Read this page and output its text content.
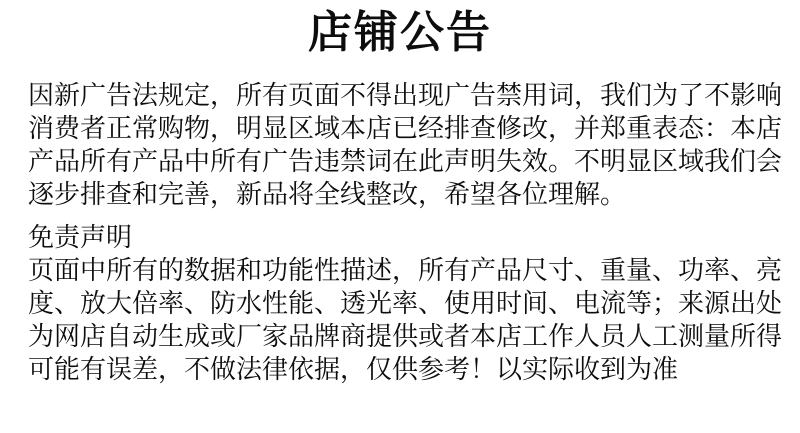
店铺公告
因新广告法规定，所有页面不得出现广告禁用词，我们为了不影响
消费者正常购物，明显区域本店已经排查修改，并郑重表态：本店
产品所有产品中所有广告违禁词在此声明失效。不明显区域我们会
逐步排查和完善，新品将全线整改，希望各位理解。
免责声明
页面中所有的数据和功能性描述，所有产品尺寸、重量、功率、亮
度、放大倍率、防水性能、透光率、使用时间、电流等；来源出处
为网店自动生成或厂家品牌商提供或者本店工作人员人工测量所得
可能有误差，不做法律依据，仅供参考！以实际收到为准
